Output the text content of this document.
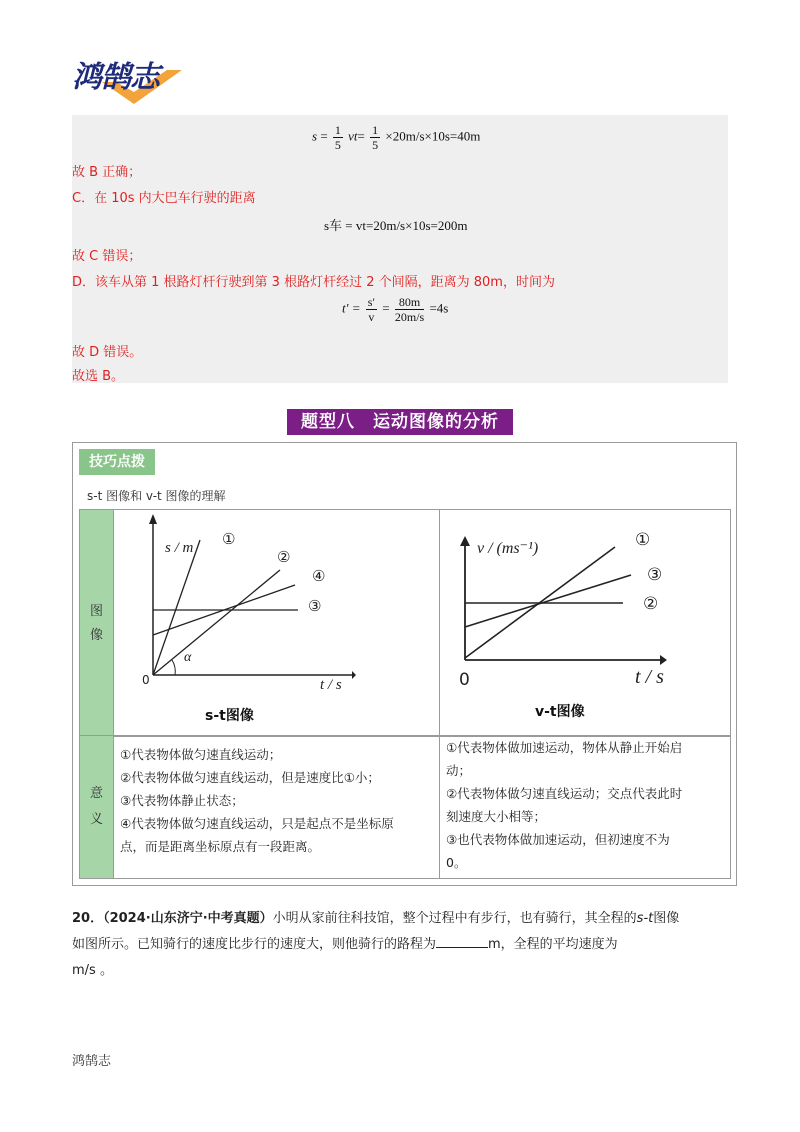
鸿鹄志
$s = \frac{1}{5} vt= \frac{1}{5} \times 20m/s\times 10s=40m$
故 B 正确；
C．在 10s 内大巴车行驶的距离
s车 = vt=20m/s×10s=200m
故 C 错误；
D．该车从第 1 根路灯杆行驶到第 3 根路灯杆经过 2 个间隔，距离为 80m，时间为
$t' = \frac{s'}{v} = \frac{80m}{20m/s} =4s$
故 D 错误。
故选 B。
题型八　运动图像的分析
技巧点拨
s-t 图像和 v-t 图像的理解
图
像
意
义
s / m
t / s
0
α
①
②
③
④
s-t图像
v / (ms⁻¹)
t / s
0
①
②
③
v-t图像
①代表物体做匀速直线运动；
②代表物体做匀速直线运动，但是速度比①小；
③代表物体静止状态；
④代表物体做匀速直线运动，只是起点不是坐标原
点，而是距离坐标原点有一段距离。
①代表物体做加速运动，物体从静止开始启
动；
②代表物体做匀速直线运动；交点代表此时
刻速度大小相等；
③也代表物体做加速运动，但初速度不为
0。
20．（2024·山东济宁·中考真题）小明从家前往科技馆，整个过程中有步行，也有骑行，其全程的s-t图像
如图所示。已知骑行的速度比步行的速度大，则他骑行的路程为	m，全程的平均速度为
m/s 。
鸿鹄志
